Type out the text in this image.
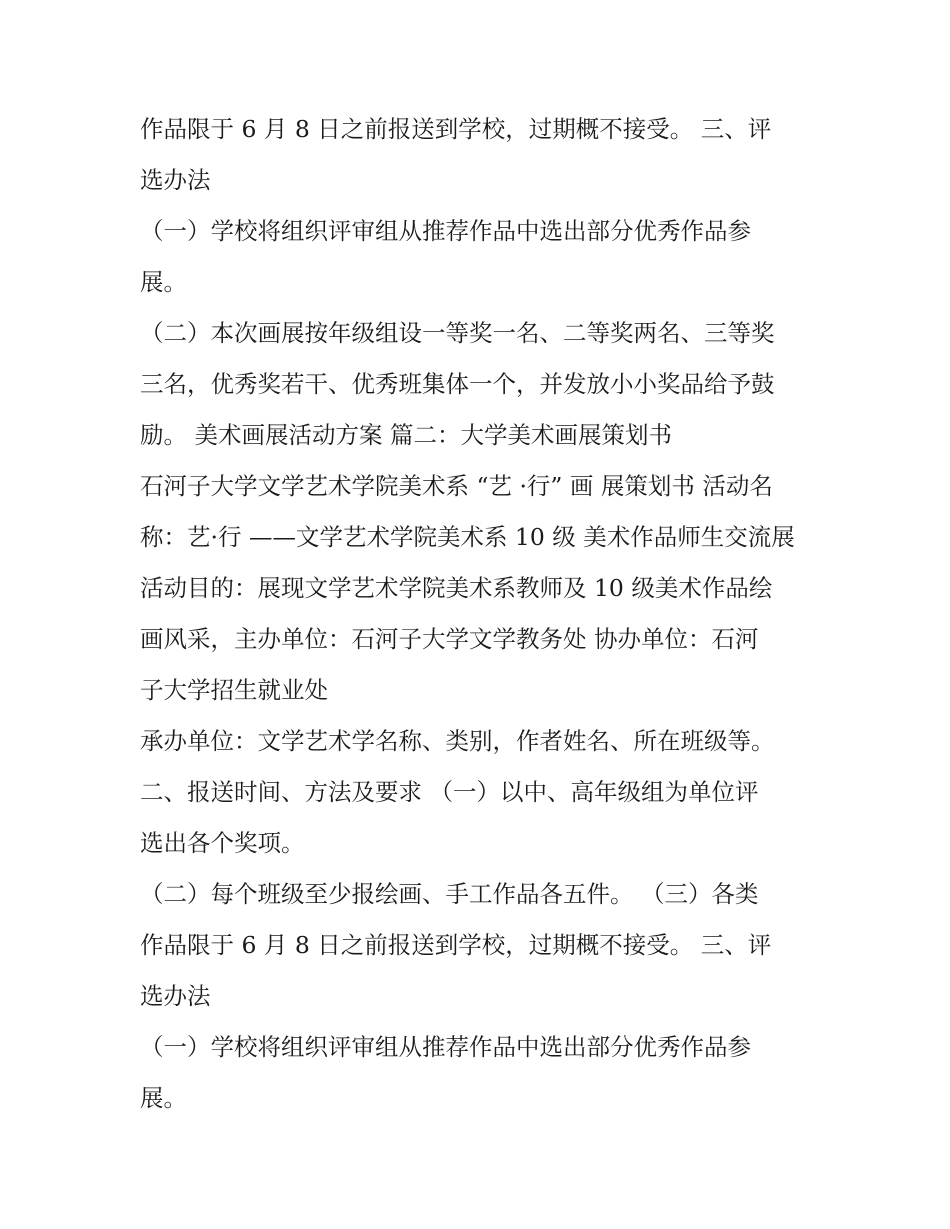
作品限于 6 月 8 日之前报送到学校，过期概不接受。 三、评
选办法
（一）学校将组织评审组从推荐作品中选出部分优秀作品参
展。
（二）本次画展按年级组设一等奖一名、二等奖两名、三等奖
三名，优秀奖若干、优秀班集体一个，并发放小小奖品给予鼓
励。 美术画展活动方案 篇二：大学美术画展策划书
石河子大学文学艺术学院美术系 “艺 ·行” 画 展策划书 活动名
称：艺·行 ——文学艺术学院美术系 10 级 美术作品师生交流展
活动目的：展现文学艺术学院美术系教师及 10 级美术作品绘
画风采，主办单位：石河子大学文学教务处 协办单位：石河
子大学招生就业处
承办单位：文学艺术学名称、类别，作者姓名、所在班级等。
二、报送时间、方法及要求 （一）以中、高年级组为单位评
选出各个奖项。
（二）每个班级至少报绘画、手工作品各五件。 （三）各类
作品限于 6 月 8 日之前报送到学校，过期概不接受。 三、评
选办法
（一）学校将组织评审组从推荐作品中选出部分优秀作品参
展。
